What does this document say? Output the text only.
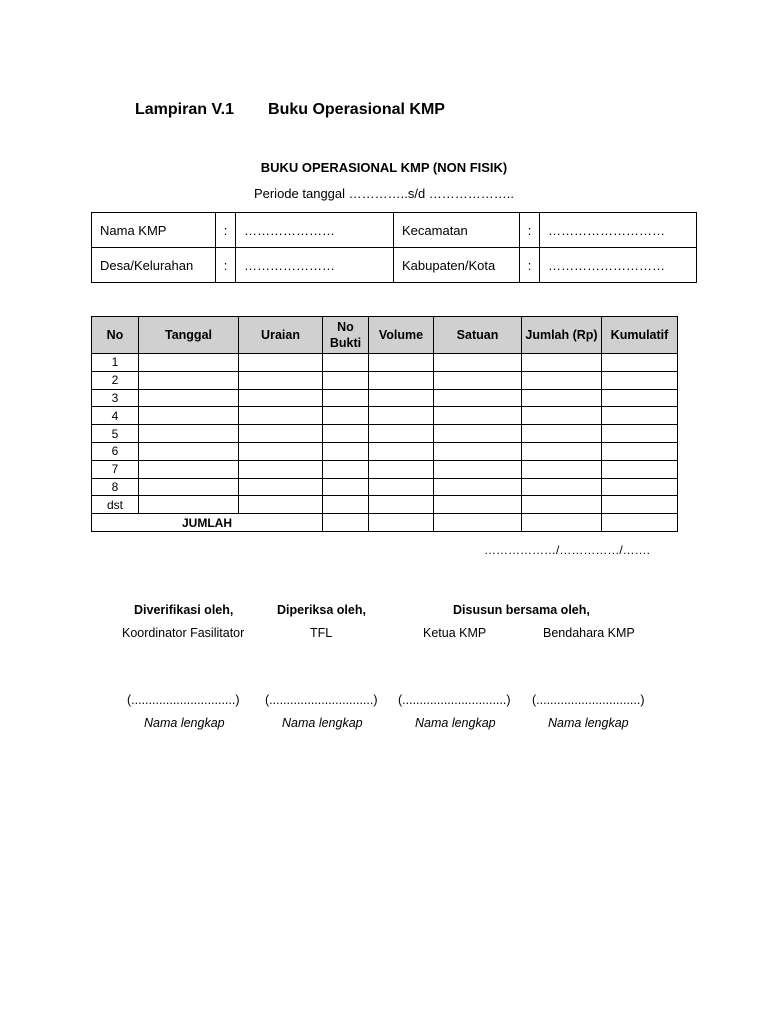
Lampiran V.1 Buku Operasional KMP
BUKU OPERASIONAL KMP (NON FISIK)
Periode tanggal …………..s/d ………………..
Nama KMP	:	…………………	Kecamatan	:	………………………
Desa/Kelurahan	:	…………………	Kabupaten/Kota	:	………………………
No	Tanggal	Uraian	No Bukti	Volume	Satuan	Jumlah (Rp)	Kumulatif
1							
2							
3							
4							
5							
6							
7							
8							
dst							
JUMLAH							
………………/……………/…….
Diverifikasi oleh,	Diperiksa oleh,	Disusun bersama oleh,
Koordinator Fasilitator	TFL	Ketua KMP	Bendahara KMP
(..............................) (..............................) (..............................) (..............................)
Nama lengkap	Nama lengkap	Nama lengkap	Nama lengkap
